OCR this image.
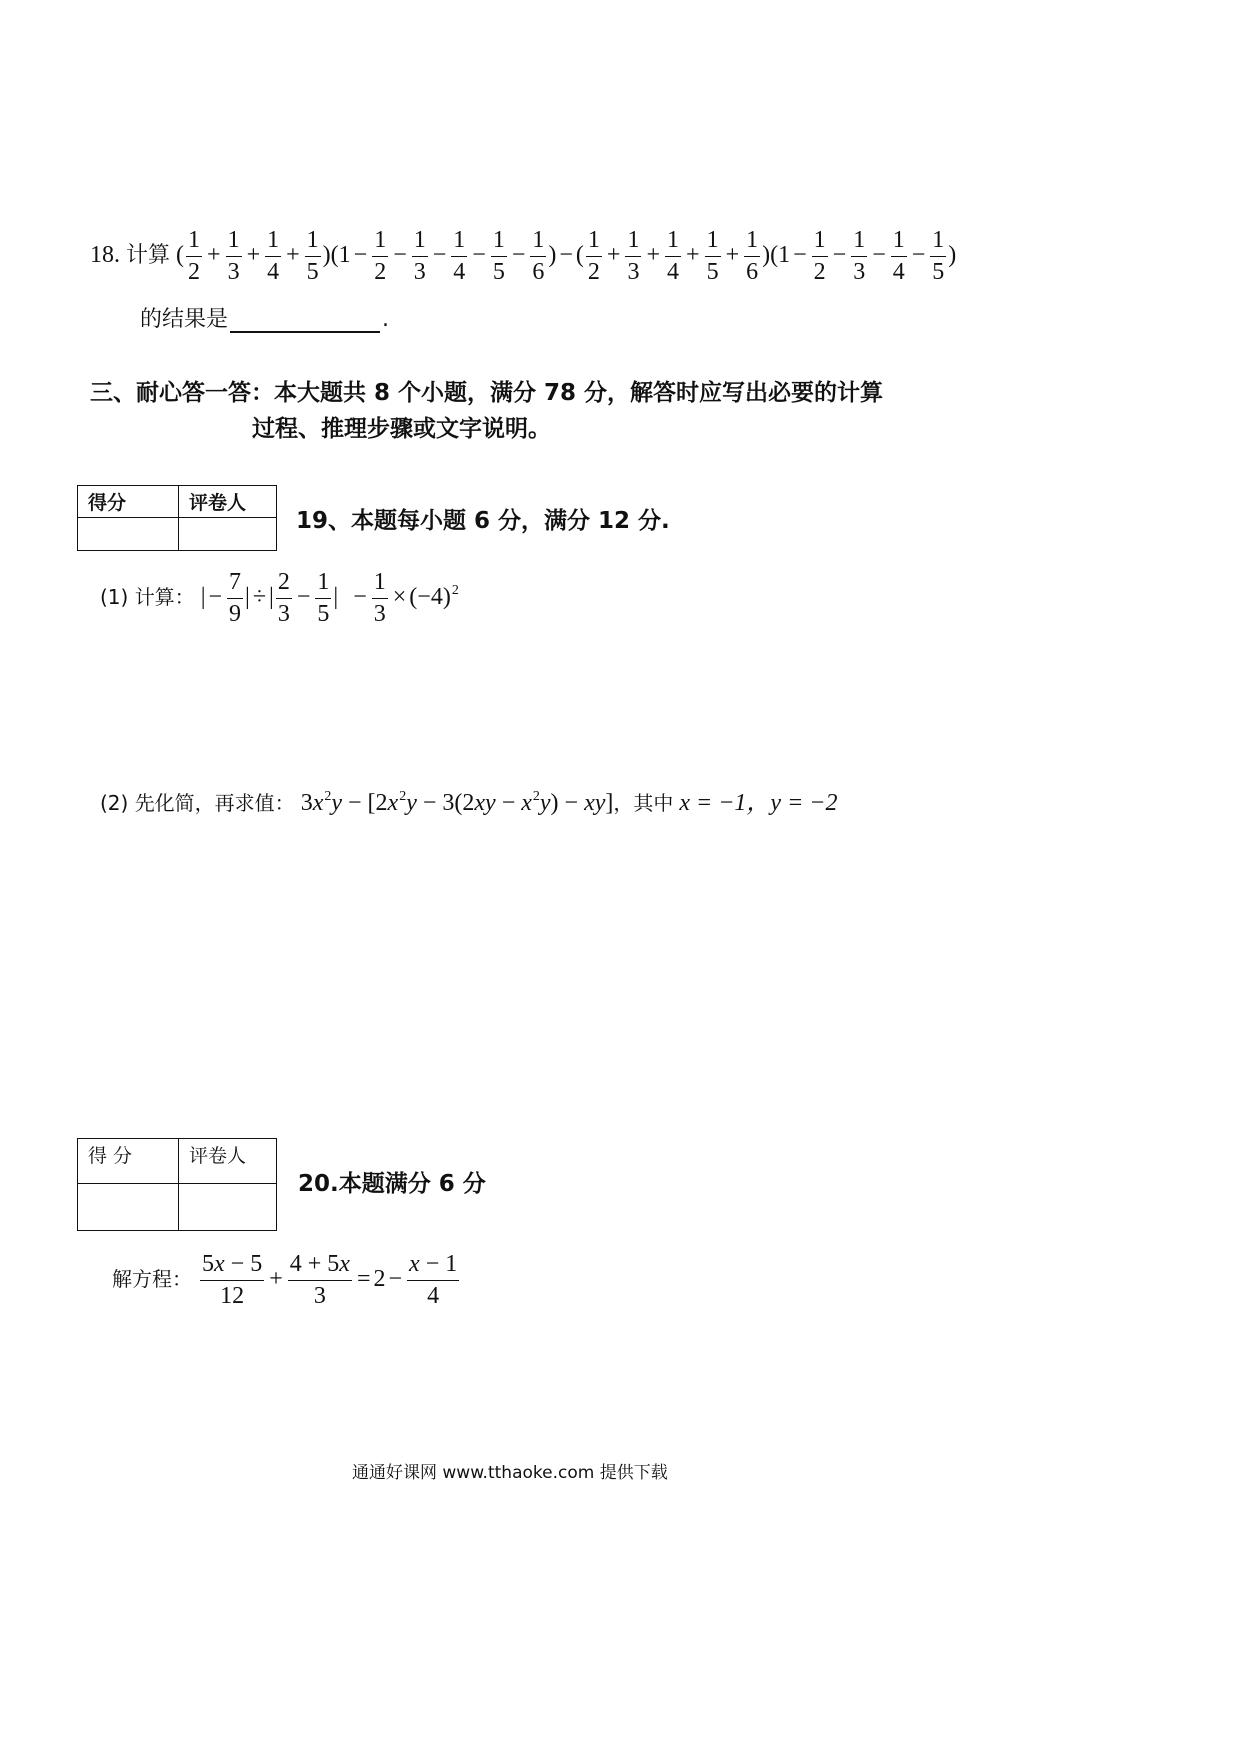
18. 计算 ( $\frac{1}{2} + \frac{1}{3} + \frac{1}{4} + \frac{1}{5} )(1 - \frac{1}{2} - \frac{1}{3} - \frac{1}{4} - \frac{1}{5} - \frac{1}{6}$ ) − ( $\frac{1}{2} + \frac{1}{3} + \frac{1}{4} + \frac{1}{5} + \frac{1}{6} )(1 - \frac{1}{2} - \frac{1}{3} - \frac{1}{4} - \frac{1}{5}$ )
的结果是	.
三、耐心答一答：本大题共 8 个小题，满分 78 分，解答时应写出必要的计算
过程、推理步骤或文字说明。
得分	评卷人

19、本题每小题 6 分，满分 12 分.
(1) 计算： | − $\frac{7}{9}$ | ÷ | $\frac{2}{3} - \frac{1}{5}$ |  − $\frac{1}{3} \times (-4)^2$
(2) 先化简，再求值： $3x^2y - [2x^2y - 3(2xy - x^2y) - xy]$，其中 x = −1，y = −2
得 分	评卷人

20.本题满分 6 分
解方程： $\frac{5x - 5}{12} + \frac{4 + 5x}{3} = 2 - \frac{x - 1}{4}$
通通好课网 www.tthaoke.com 提供下载
